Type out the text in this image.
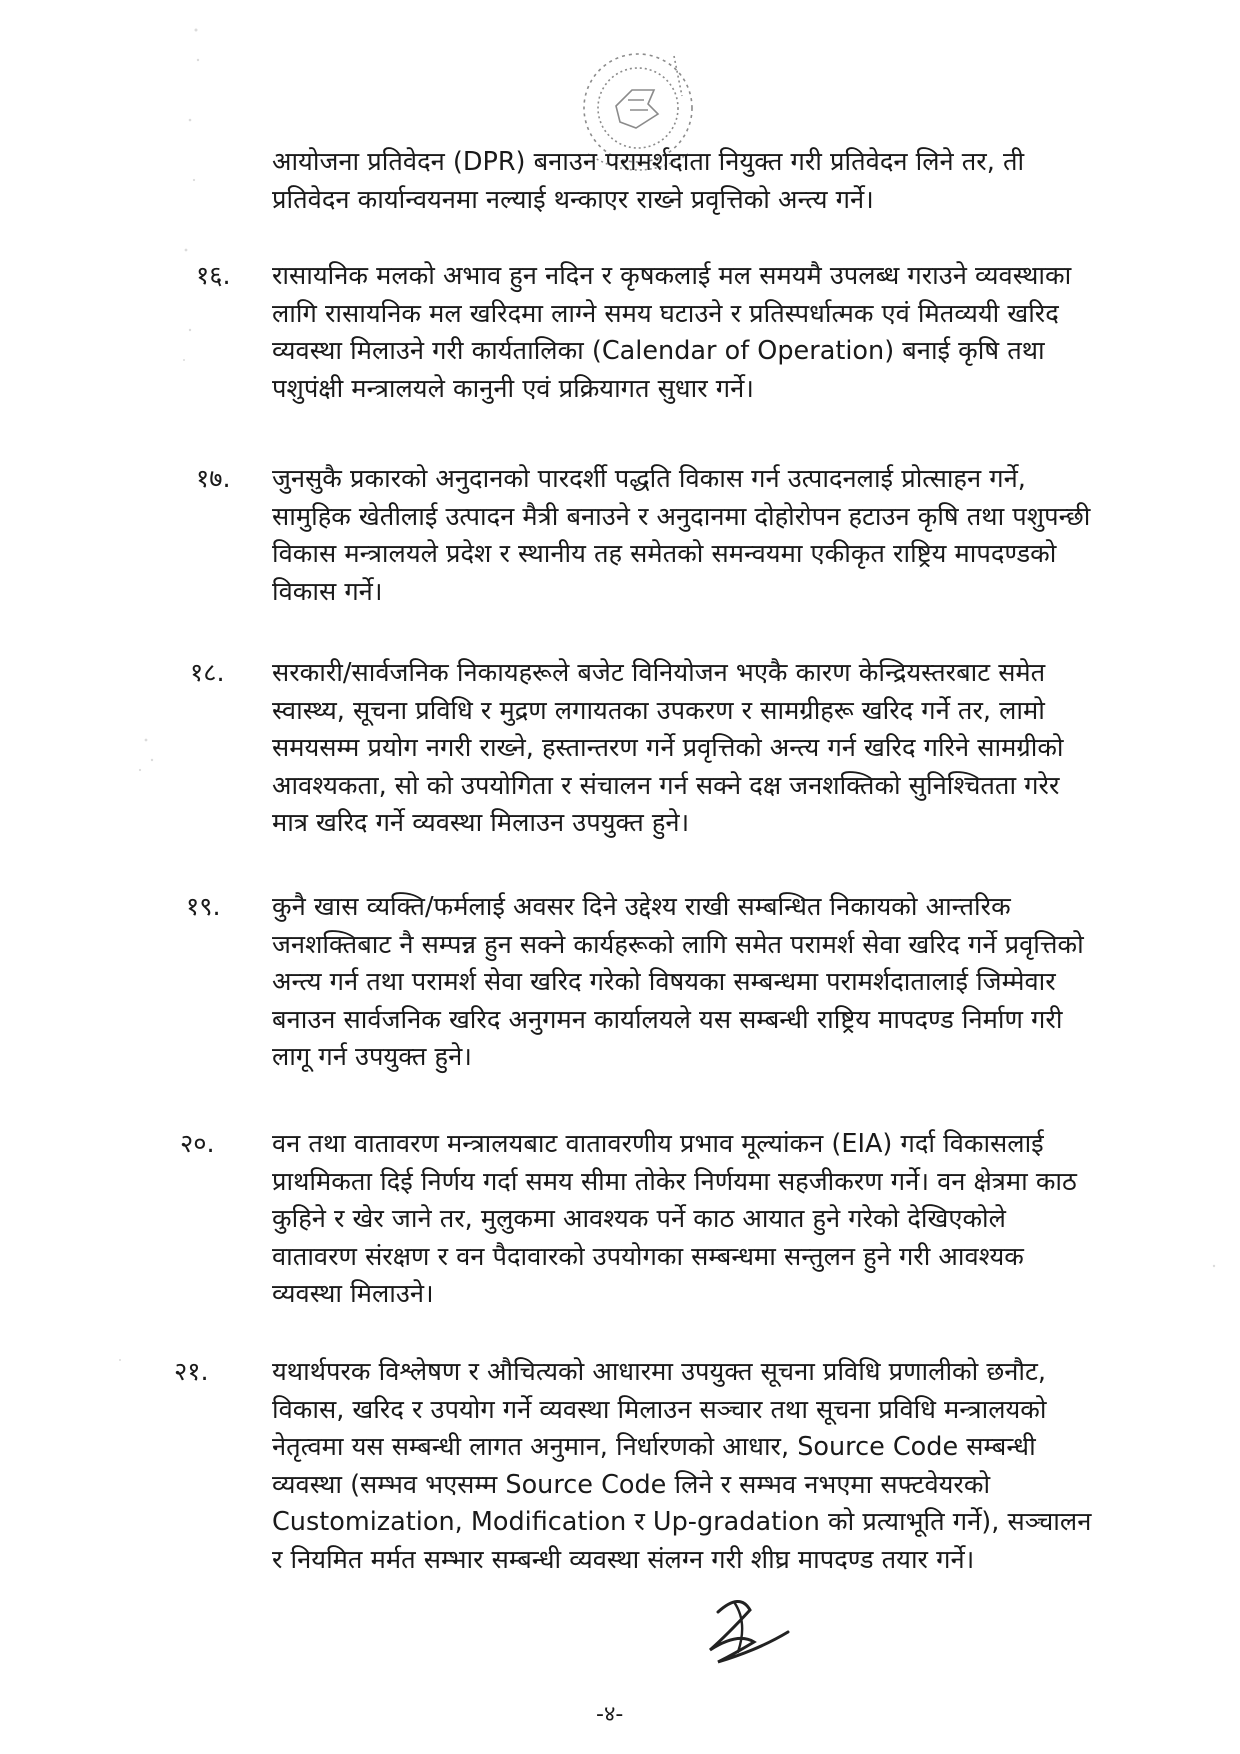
आयोजना प्रतिवेदन (DPR) बनाउन परामर्शदाता नियुक्त गरी प्रतिवेदन लिने तर, ती प्रतिवेदन कार्यान्वयनमा नल्याई थन्काएर राख्ने प्रवृत्तिको अन्त्य गर्ने।

१६. रासायनिक मलको अभाव हुन नदिन र कृषकलाई मल समयमै उपलब्ध गराउने व्यवस्थाका लागि रासायनिक मल खरिदमा लाग्ने समय घटाउने र प्रतिस्पर्धात्मक एवं मितव्ययी खरिद व्यवस्था मिलाउने गरी कार्यतालिका (Calendar of Operation) बनाई कृषि तथा पशुपंक्षी मन्त्रालयले कानुनी एवं प्रक्रियागत सुधार गर्ने।

१७. जुनसुकै प्रकारको अनुदानको पारदर्शी पद्धति विकास गर्न उत्पादनलाई प्रोत्साहन गर्ने, सामुहिक खेतीलाई उत्पादन मैत्री बनाउने र अनुदानमा दोहोरोपन हटाउन कृषि तथा पशुपन्छी विकास मन्त्रालयले प्रदेश र स्थानीय तह समेतको समन्वयमा एकीकृत राष्ट्रिय मापदण्डको विकास गर्ने।

१८. सरकारी/सार्वजनिक निकायहरूले बजेट विनियोजन भएकै कारण केन्द्रियस्तरबाट समेत स्वास्थ्य, सूचना प्रविधि र मुद्रण लगायतका उपकरण र सामग्रीहरू खरिद गर्ने तर, लामो समयसम्म प्रयोग नगरी राख्ने, हस्तान्तरण गर्ने प्रवृत्तिको अन्त्य गर्न खरिद गरिने सामग्रीको आवश्यकता, सो को उपयोगिता र संचालन गर्न सक्ने दक्ष जनशक्तिको सुनिश्चितता गरेर मात्र खरिद गर्ने व्यवस्था मिलाउन उपयुक्त हुने।

१९. कुनै खास व्यक्ति/फर्मलाई अवसर दिने उद्देश्य राखी सम्बन्धित निकायको आन्तरिक जनशक्तिबाट नै सम्पन्न हुन सक्ने कार्यहरूको लागि समेत परामर्श सेवा खरिद गर्ने प्रवृत्तिको अन्त्य गर्न तथा परामर्श सेवा खरिद गरेको विषयका सम्बन्धमा परामर्शदातालाई जिम्मेवार बनाउन सार्वजनिक खरिद अनुगमन कार्यालयले यस सम्बन्धी राष्ट्रिय मापदण्ड निर्माण गरी लागू गर्न उपयुक्त हुने।

२०. वन तथा वातावरण मन्त्रालयबाट वातावरणीय प्रभाव मूल्यांकन (EIA) गर्दा विकासलाई प्राथमिकता दिई निर्णय गर्दा समय सीमा तोकेर निर्णयमा सहजीकरण गर्ने। वन क्षेत्रमा काठ कुहिने र खेर जाने तर, मुलुकमा आवश्यक पर्ने काठ आयात हुने गरेको देखिएकोले वातावरण संरक्षण र वन पैदावारको उपयोगका सम्बन्धमा सन्तुलन हुने गरी आवश्यक व्यवस्था मिलाउने।

२१. यथार्थपरक विश्लेषण र औचित्यको आधारमा उपयुक्त सूचना प्रविधि प्रणालीको छनौट, विकास, खरिद र उपयोग गर्ने व्यवस्था मिलाउन सञ्चार तथा सूचना प्रविधि मन्त्रालयको नेतृत्वमा यस सम्बन्धी लागत अनुमान, निर्धारणको आधार, Source Code सम्बन्धी व्यवस्था (सम्भव भएसम्म Source Code लिने र सम्भव नभएमा सफ्टवेयरको Customization, Modification र Up-gradation को प्रत्याभूति गर्ने), सञ्चालन र नियमित मर्मत सम्भार सम्बन्धी व्यवस्था संलग्न गरी शीघ्र मापदण्ड तयार गर्ने।

-४-
